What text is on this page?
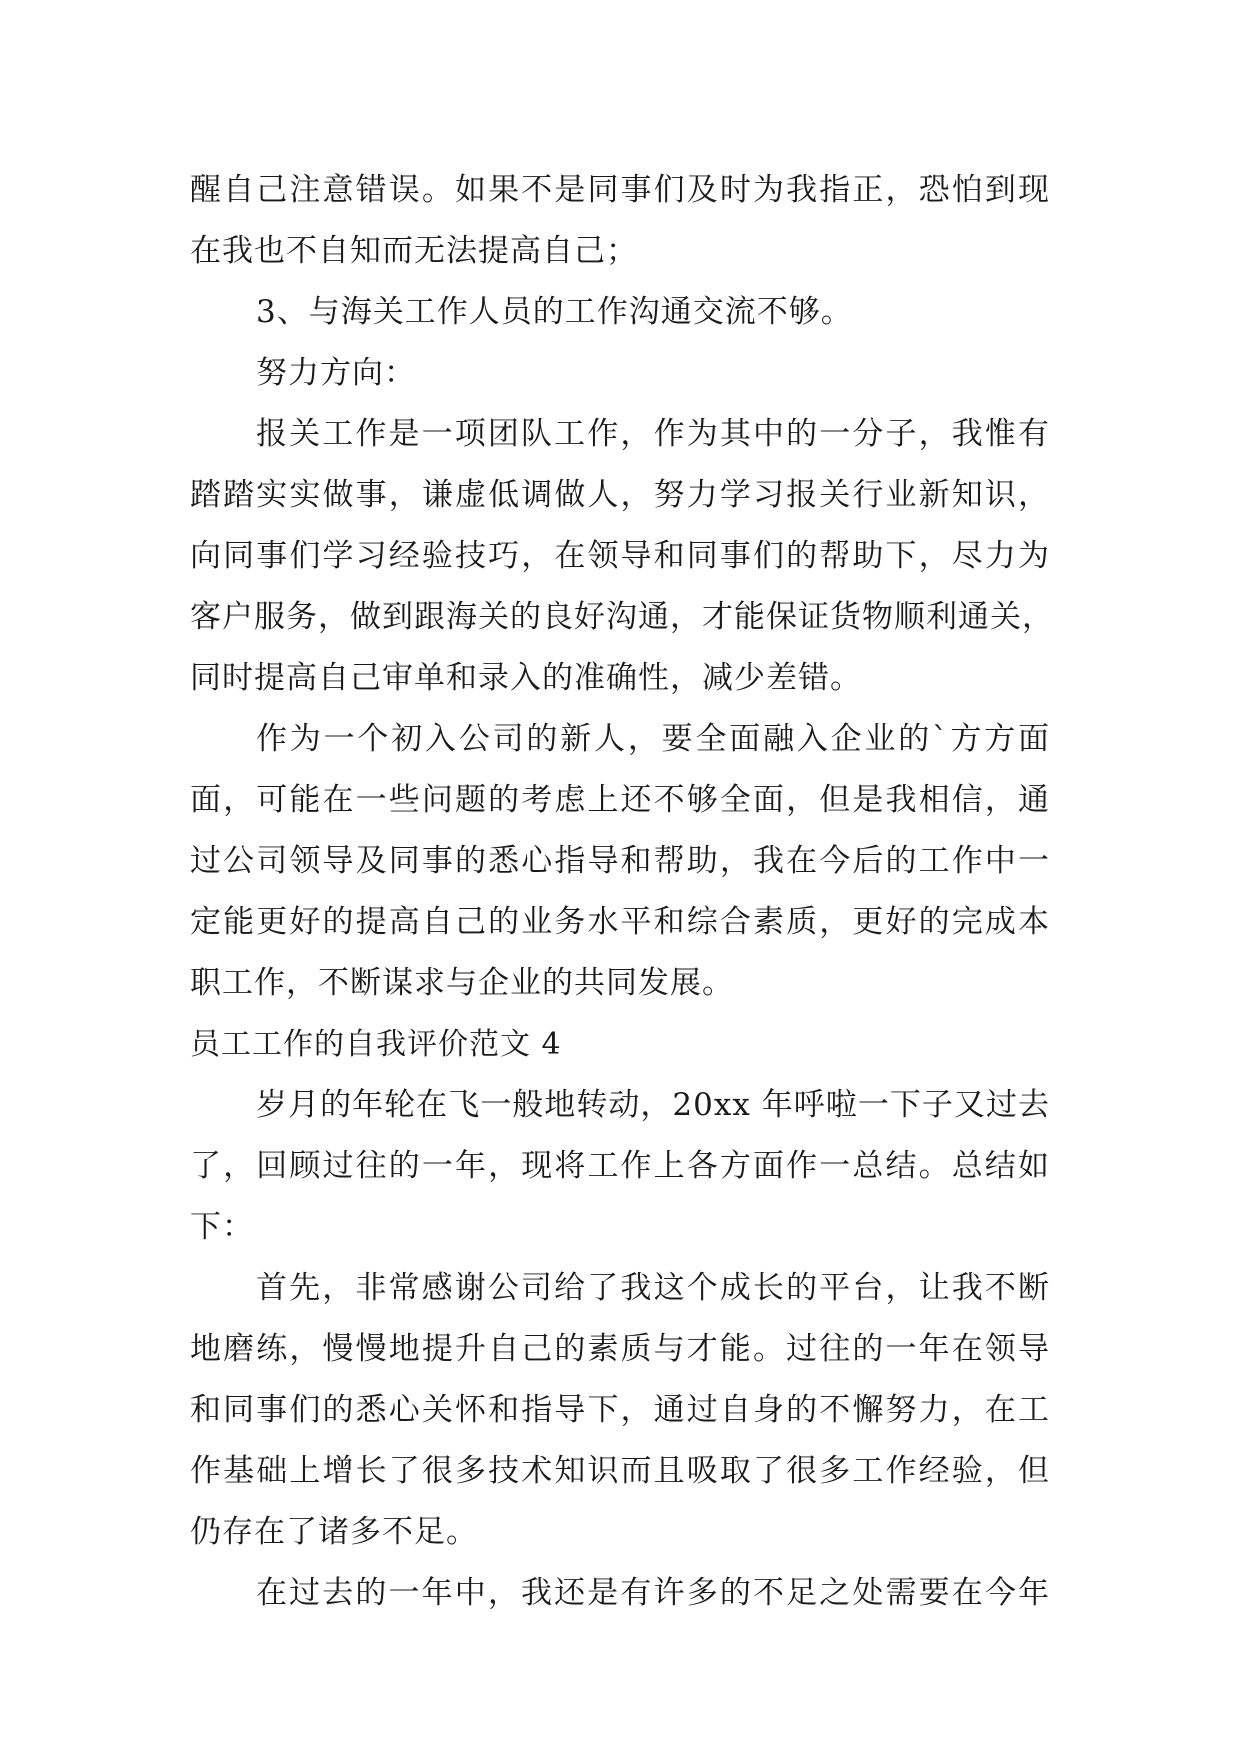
醒自己注意错误。如果不是同事们及时为我指正，恐怕到现
在我也不自知而无法提高自己；
3、与海关工作人员的工作沟通交流不够。
努力方向：
报关工作是一项团队工作，作为其中的一分子，我惟有
踏踏实实做事，谦虚低调做人，努力学习报关行业新知识，
向同事们学习经验技巧，在领导和同事们的帮助下，尽力为
客户服务，做到跟海关的良好沟通，才能保证货物顺利通关，
同时提高自己审单和录入的准确性，减少差错。
作为一个初入公司的新人，要全面融入企业的`方方面
面，可能在一些问题的考虑上还不够全面，但是我相信，通
过公司领导及同事的悉心指导和帮助，我在今后的工作中一
定能更好的提高自己的业务水平和综合素质，更好的完成本
职工作，不断谋求与企业的共同发展。
员工工作的自我评价范文 4
岁月的年轮在飞一般地转动，20xx 年呼啦一下子又过去
了，回顾过往的一年，现将工作上各方面作一总结。总结如
下：
首先，非常感谢公司给了我这个成长的平台，让我不断
地磨练，慢慢地提升自己的素质与才能。过往的一年在领导
和同事们的悉心关怀和指导下，通过自身的不懈努力，在工
作基础上增长了很多技术知识而且吸取了很多工作经验，但
仍存在了诸多不足。
在过去的一年中，我还是有许多的不足之处需要在今年
